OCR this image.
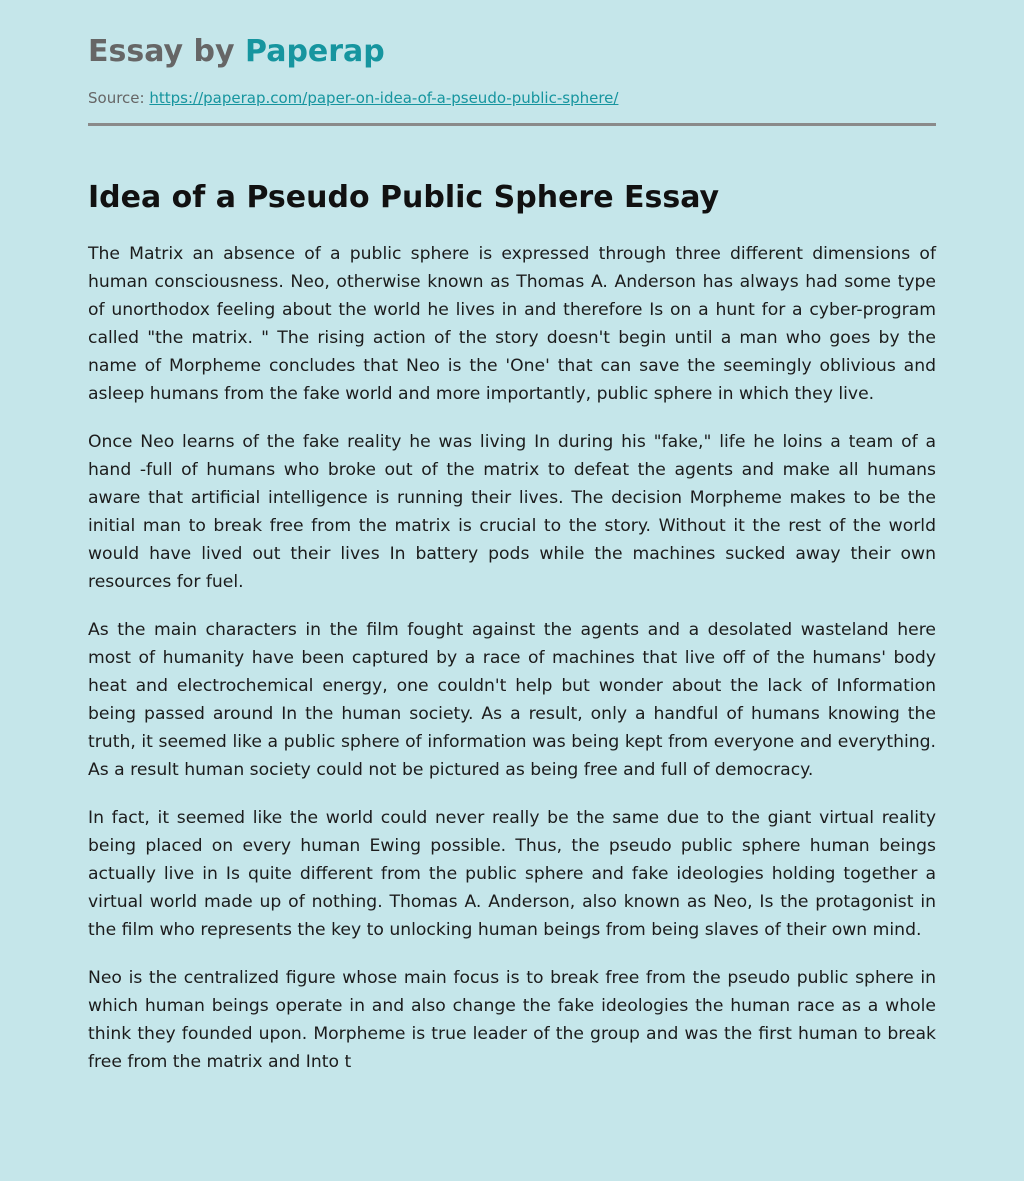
Essay by Paperap
Source: https://paperap.com/paper-on-idea-of-a-pseudo-public-sphere/
Idea of a Pseudo Public Sphere Essay

The Matrix an absence of a public sphere is expressed through three different dimensions of human consciousness. Neo, otherwise known as Thomas A. Anderson has always had some type of unorthodox feeling about the world he lives in and therefore Is on a hunt for a cyber-program called "the matrix. " The rising action of the story doesn't begin until a man who goes by the name of Morpheme concludes that Neo is the 'One' that can save the seemingly oblivious and asleep humans from the fake world and more importantly, public sphere in which they live.

Once Neo learns of the fake reality he was living In during his "fake," life he loins a team of a hand -full of humans who broke out of the matrix to defeat the agents and make all humans aware that artificial intelligence is running their lives. The decision Morpheme makes to be the initial man to break free from the matrix is crucial to the story. Without it the rest of the world would have lived out their lives In battery pods while the machines sucked away their own resources for fuel.

As the main characters in the film fought against the agents and a desolated wasteland here most of humanity have been captured by a race of machines that live off of the humans' body heat and electrochemical energy, one couldn't help but wonder about the lack of Information being passed around In the human society. As a result, only a handful of humans knowing the truth, it seemed like a public sphere of information was being kept from everyone and everything. As a result human society could not be pictured as being free and full of democracy.

In fact, it seemed like the world could never really be the same due to the giant virtual reality being placed on every human Ewing possible. Thus, the pseudo public sphere human beings actually live in Is quite different from the public sphere and fake ideologies holding together a virtual world made up of nothing. Thomas A. Anderson, also known as Neo, Is the protagonist in the film who represents the key to unlocking human beings from being slaves of their own mind.

Neo is the centralized figure whose main focus is to break free from the pseudo public sphere in which human beings operate in and also change the fake ideologies the human race as a whole think they founded upon. Morpheme is true leader of the group and was the first human to break free from the matrix and Into t
